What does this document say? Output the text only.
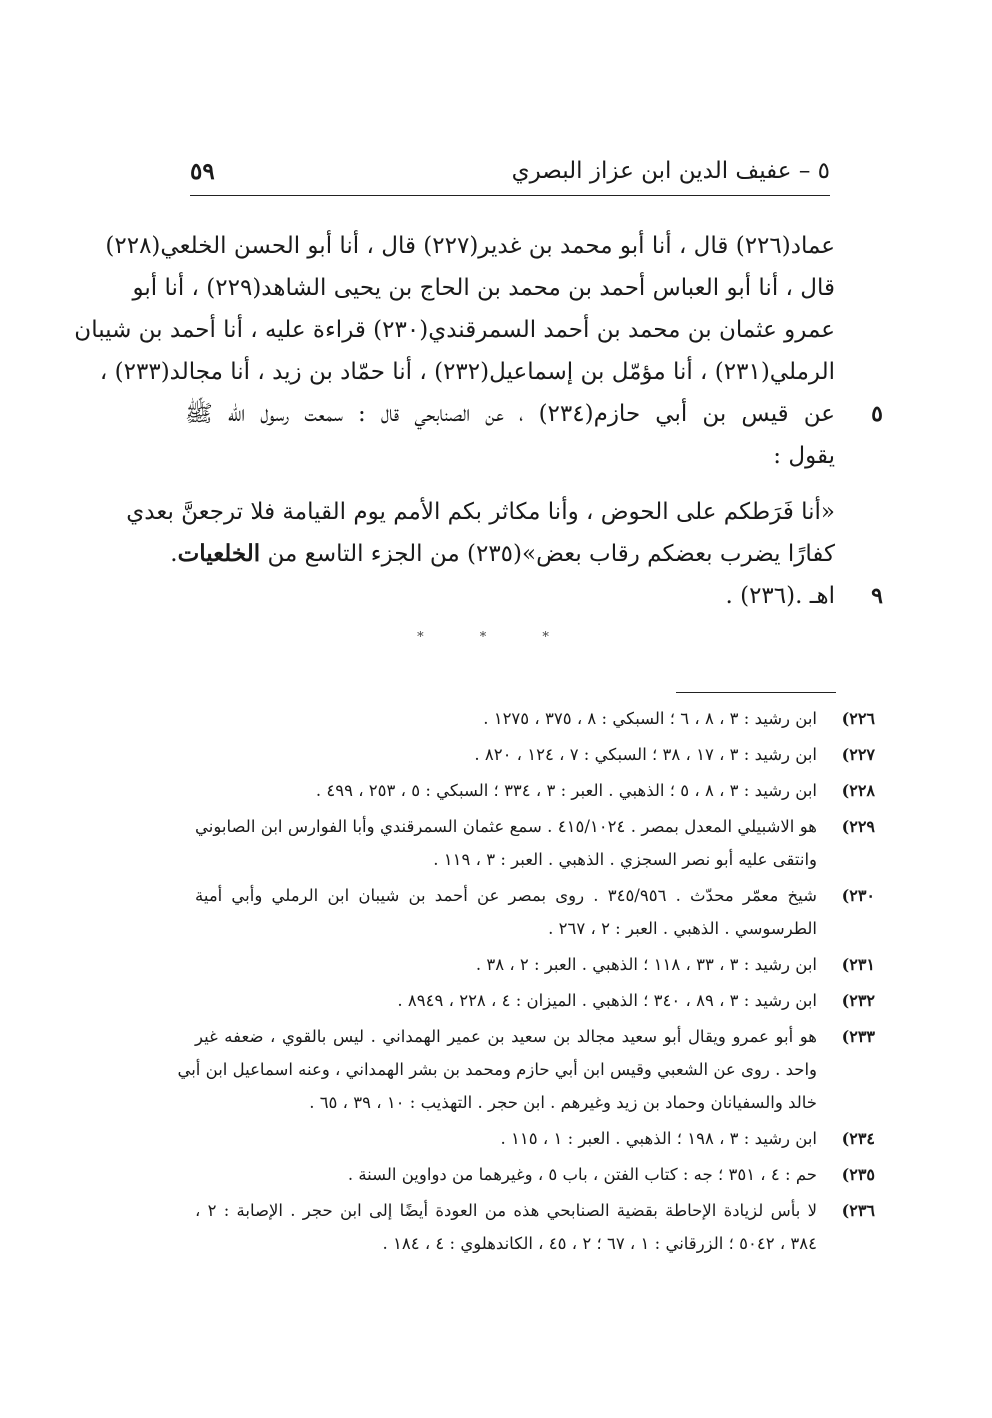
٥ – عفيف الدين ابن عزاز البصري
٥٩
عماد(٢٢٦) قال ، أنا أبو محمد بن غدير(٢٢٧) قال ، أنا أبو الحسن الخلعي(٢٢٨)
قال ، أنا أبو العباس أحمد بن محمد بن الحاج بن يحيى الشاهد(٢٢٩) ، أنا أبو
عمرو عثمان بن محمد بن أحمد السمرقندي(٢٣٠) قراءة عليه ، أنا أحمد بن شيبان
الرملي(٢٣١) ، أنا مؤمّل بن إسماعيل(٢٣٢) ، أنا حمّاد بن زيد ، أنا مجالد(٢٣٣) ،
عن قيس بن أبي حازم(٢٣٤) ، عن الصنابحي قال : سمعت رسول الله ﷺ ٥
يقول :
«أنا فَرَطكم على الحوض ، وأنا مكاثر بكم الأمم يوم القيامة فلا ترجعنَّ بعدي
كفارًا يضرب بعضكم رقاب بعض»(٢٣٥) من الجزء التاسع من الخلعيات.
اهـ .(٢٣٦) . ٩
* * *
٢٢٦)
ابن رشيد : ٣ ، ٨ ، ٦ ؛ السبكي : ٨ ، ٣٧٥ ، ١٢٧٥ .
٢٢٧)
ابن رشيد : ٣ ، ١٧ ، ٣٨ ؛ السبكي : ٧ ، ١٢٤ ، ٨٢٠ .
٢٢٨)
ابن رشيد : ٣ ، ٨ ، ٥ ؛ الذهبي . العبر : ٣ ، ٣٣٤ ؛ السبكي : ٥ ، ٢٥٣ ، ٤٩٩ .
٢٢٩)
هو الاشبيلي المعدل بمصر . ٤١٥/١٠٢٤ . سمع عثمان السمرقندي وأبا الفوارس ابن الصابوني
وانتقى عليه أبو نصر السجزي . الذهبي . العبر : ٣ ، ١١٩ .
٢٣٠)
شيخ معمّر محدّث . ٣٤٥/٩٥٦ . روى بمصر عن أحمد بن شيبان ابن الرملي وأبي أمية
الطرسوسي . الذهبي . العبر : ٢ ، ٢٦٧ .
٢٣١)
ابن رشيد : ٣ ، ٣٣ ، ١١٨ ؛ الذهبي . العبر : ٢ ، ٣٨ .
٢٣٢)
ابن رشيد : ٣ ، ٨٩ ، ٣٤٠ ؛ الذهبي . الميزان : ٤ ، ٢٢٨ ، ٨٩٤٩ .
٢٣٣)
هو أبو عمرو ويقال أبو سعيد مجالد بن سعيد بن عمير الهمداني . ليس بالقوي ، ضعفه غير
واحد . روى عن الشعبي وقيس ابن أبي حازم ومحمد بن بشر الهمداني ، وعنه اسماعيل ابن أبي
خالد والسفيانان وحماد بن زيد وغيرهم . ابن حجر . التهذيب : ١٠ ، ٣٩ ، ٦٥ .
٢٣٤)
ابن رشيد : ٣ ، ١٩٨ ؛ الذهبي . العبر : ١ ، ١١٥ .
٢٣٥)
حم : ٤ ، ٣٥١ ؛ جه : كتاب الفتن ، باب ٥ ، وغيرهما من دواوين السنة .
٢٣٦)
لا بأس لزيادة الإحاطة بقضية الصنابحي هذه من العودة أيضًا إلى ابن حجر . الإصابة : ٢ ،
٣٨٤ ، ٥٠٤٢ ؛ الزرقاني : ١ ، ٦٧ ؛ ٢ ، ٤٥ ، الكاندهلوي : ٤ ، ١٨٤ .
